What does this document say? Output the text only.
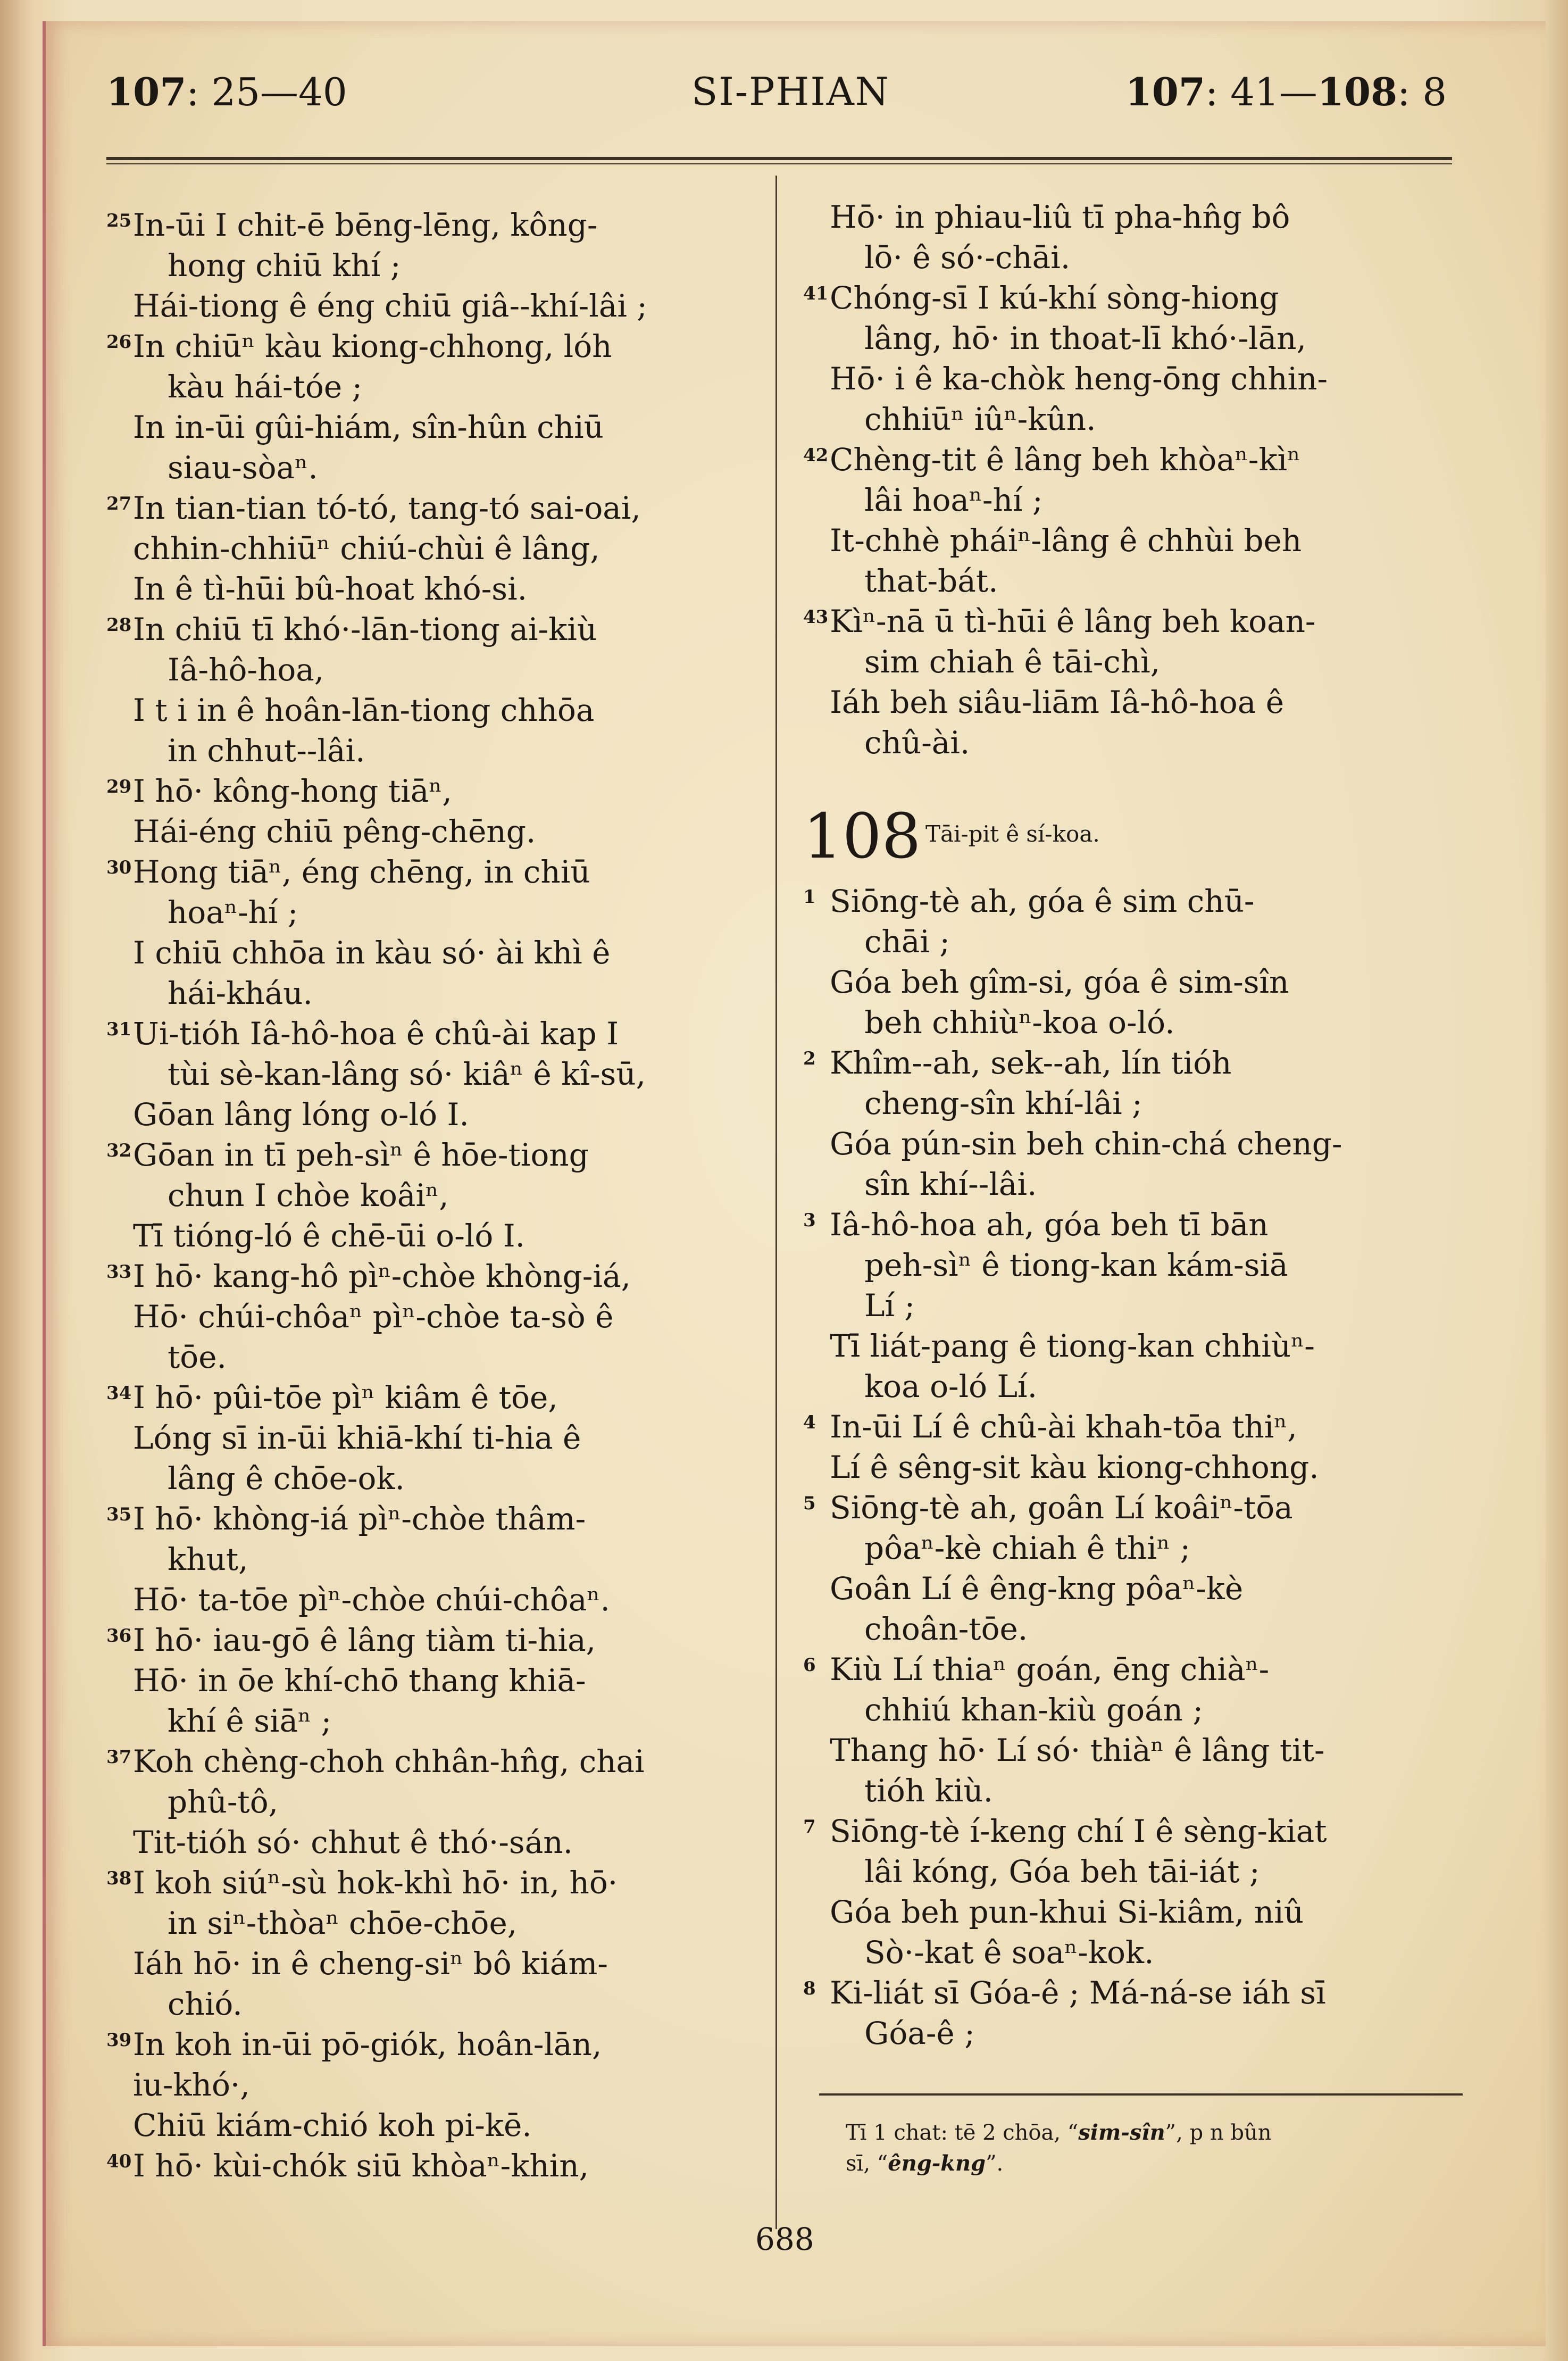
107: 25—40	SI-PHIAN	107: 41—108: 8
25 In-ūi I chit-ē bēng-lēng, kông-
hong chiū khí ;
Hái-tiong ê éng chiū giâ--khí-lâi ;
26 In chiūⁿ kàu kiong-chhong, lóh
kàu hái-tóe ;
In in-ūi gûi-hiám, sîn-hûn chiū
siau-sòaⁿ.
27 In tian-tian tó-tó, tang-tó sai-oai,
chhin-chhiūⁿ chiú-chùi ê lâng,
In ê tì-hūi bû-hoat khó-si.
28 In chiū tī khó·-lān-tiong ai-kiù
Iâ-hô-hoa,
I t i in ê hoân-lān-tiong chhōa
in chhut--lâi.
29 I hō· kông-hong tiāⁿ,
Hái-éng chiū pêng-chēng.
30 Hong tiāⁿ, éng chēng, in chiū
hoaⁿ-hí ;
I chiū chhōa in kàu só· ài khì ê
hái-kháu.
31 Ui-tióh Iâ-hô-hoa ê chû-ài kap I
tùi sè-kan-lâng só· kiâⁿ ê kî-sū,
Gōan lâng lóng o-ló I.
32 Gōan in tī peh-sìⁿ ê hōe-tiong
chun I chòe koâiⁿ,
Tī tióng-ló ê chē-ūi o-ló I.
33 I hō· kang-hô pìⁿ-chòe khòng-iá,
Hō· chúi-chôaⁿ pìⁿ-chòe ta-sò ê
tōe.
34 I hō· pûi-tōe pìⁿ kiâm ê tōe,
Lóng sī in-ūi khiā-khí ti-hia ê
lâng ê chōe-ok.
35 I hō· khòng-iá pìⁿ-chòe thâm-
khut,
Hō· ta-tōe pìⁿ-chòe chúi-chôaⁿ.
36 I hō· iau-gō ê lâng tiàm ti-hia,
Hō· in ōe khí-chō thang khiā-
khí ê siāⁿ ;
37 Koh chèng-choh chhân-hn̂g, chai
phû-tô,
Tit-tióh só· chhut ê thó·-sán.
38 I koh siúⁿ-sù hok-khì hō· in, hō·
in siⁿ-thòaⁿ chōe-chōe,
Iáh hō· in ê cheng-siⁿ bô kiám-
chió.
39 In koh in-ūi pō-giók, hoân-lān,
iu-khó·,
Chiū kiám-chió koh pi-kē.
40 I hō· kùi-chók siū khòaⁿ-khin,
Hō· in phiau-liû tī pha-hn̂g bô
lō· ê só·-chāi.
41 Chóng-sī I kú-khí sòng-hiong
lâng, hō· in thoat-lī khó·-lān,
Hō· i ê ka-chòk heng-ōng chhin-
chhiūⁿ iûⁿ-kûn.
42 Chèng-tit ê lâng beh khòaⁿ-kìⁿ
lâi hoaⁿ-hí ;
It-chhè pháiⁿ-lâng ê chhùi beh
that-bát.
43 Kìⁿ-nā ū tì-hūi ê lâng beh koan-
sim chiah ê tāi-chì,
Iáh beh siâu-liām Iâ-hô-hoa ê
chû-ài.
108 Tāi-pit ê sí-koa.
1 Siōng-tè ah, góa ê sim chū-
chāi ;
Góa beh gîm-si, góa ê sim-sîn
beh chhiùⁿ-koa o-ló.
2 Khîm--ah, sek--ah, lín tióh
cheng-sîn khí-lâi ;
Góa pún-sin beh chin-chá cheng-
sîn khí--lâi.
3 Iâ-hô-hoa ah, góa beh tī bān
peh-sìⁿ ê tiong-kan kám-siā
Lí ;
Tī liát-pang ê tiong-kan chhiùⁿ-
koa o-ló Lí.
4 In-ūi Lí ê chû-ài khah-tōa thiⁿ,
Lí ê sêng-sit kàu kiong-chhong.
5 Siōng-tè ah, goân Lí koâiⁿ-tōa
pôaⁿ-kè chiah ê thiⁿ ;
Goân Lí ê êng-kng pôaⁿ-kè
choân-tōe.
6 Kiù Lí thiaⁿ goán, ēng chiàⁿ-
chhiú khan-kiù goán ;
Thang hō· Lí só· thiàⁿ ê lâng tit-
tióh kiù.
7 Siōng-tè í-keng chí I ê sèng-kiat
lâi kóng, Góa beh tāi-iát ;
Góa beh pun-khui Si-kiâm, niû
Sò·-kat ê soaⁿ-kok.
8 Ki-liát sī Góa-ê ; Má-ná-se iáh sī
Góa-ê ;
Tī 1 chat: tē 2 chōa, “sim-sîn”, p n bûn
sī, “êng-kng”.
688
